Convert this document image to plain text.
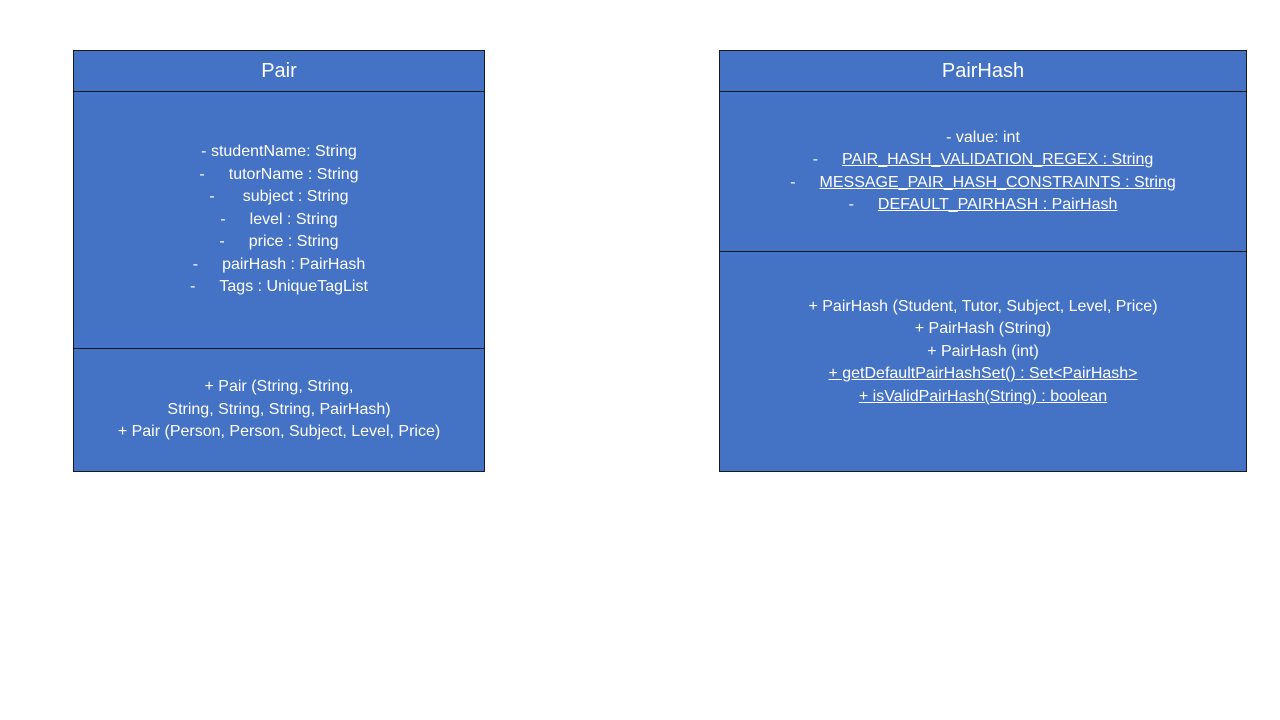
Pair
- studentName: String
- tutorName : String
- subject : String
- level : String
- price : String
- pairHash : PairHash
- Tags : UniqueTagList
+ Pair (String, String,
String, String, String, PairHash)
+ Pair (Person, Person, Subject, Level, Price)
PairHash
- value: int
- PAIR_HASH_VALIDATION_REGEX : String
- MESSAGE_PAIR_HASH_CONSTRAINTS : String
- DEFAULT_PAIRHASH : PairHash
+ PairHash (Student, Tutor, Subject, Level, Price)
+ PairHash (String)
+ PairHash (int)
+ getDefaultPairHashSet() : Set<PairHash>
+ isValidPairHash(String) : boolean
